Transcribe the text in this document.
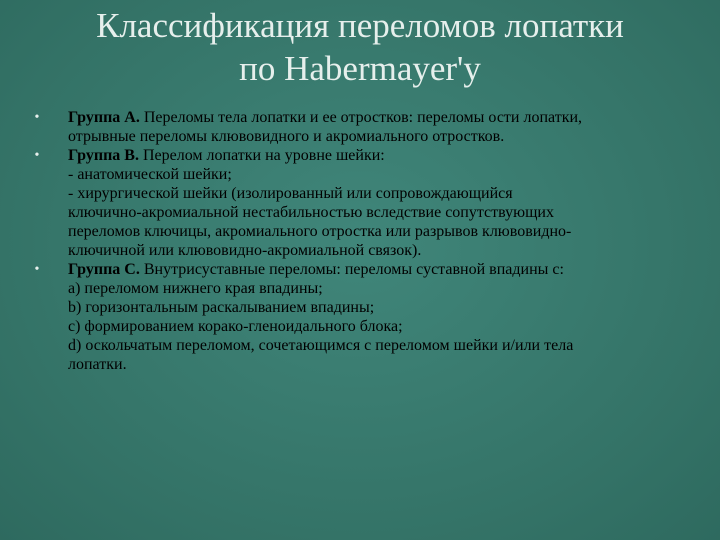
Классификация переломов лопатки
по Habermayer'у
• Группа А. Переломы тела лопатки и ее отростков: переломы ости лопатки,
отрывные переломы клювовидного и акромиального отростков.
• Группа В. Перелом лопатки на уровне шейки:
- анатомической шейки;
- хирургической шейки (изолированный или сопровождающийся
ключично-акромиальной нестабильностью вследствие сопутствующих
переломов ключицы, акромиального отростка или разрывов клювовидно-
ключичной или клювовидно-акромиальной связок).
• Группа С. Внутрисуставные переломы: переломы суставной впадины с:
а) переломом нижнего края впадины;
b) горизонтальным раскалыванием впадины;
c) формированием корако-гленоидального блока;
d) оскольчатым переломом, сочетающимся с переломом шейки и/или тела
лопатки.
